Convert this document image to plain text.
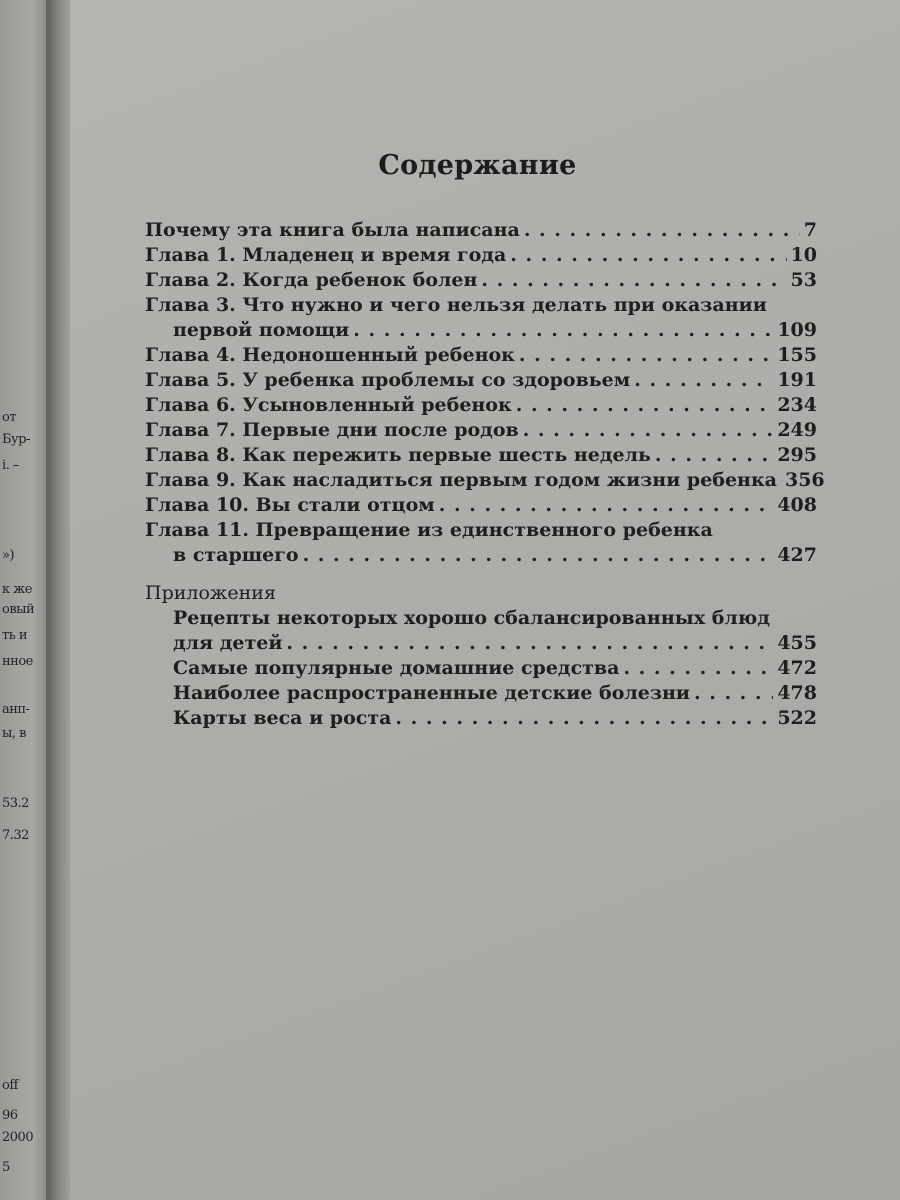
от
Бур-
i. –
»)
к же
овый
ть и
нное
анп-
ы, в
53.2
7.32
off
96
2000
5
Содержание
Почему эта книга была написана . . .	7
Глава 1. Младенец и время года . . .	10
Глава 2. Когда ребенок болен . . .	53
Глава 3. Что нужно и чего нельзя делать при оказании
первой помощи . . .	109
Глава 4. Недоношенный ребенок . . .	155
Глава 5. У ребенка проблемы со здоровьем . . .	191
Глава 6. Усыновленный ребенок . . .	234
Глава 7. Первые дни после родов . . .	249
Глава 8. Как пережить первые шесть недель . . .	295
Глава 9. Как насладиться первым годом жизни ребенка 356
Глава 10. Вы стали отцом . . .	408
Глава 11. Превращение из единственного ребенка
в старшего . . .	427
Приложения
Рецепты некоторых хорошо сбалансированных блюд
для детей . . .	455
Самые популярные домашние средства . . .	472
Наиболее распространенные детские болезни . . .	478
Карты веса и роста . . .	522
